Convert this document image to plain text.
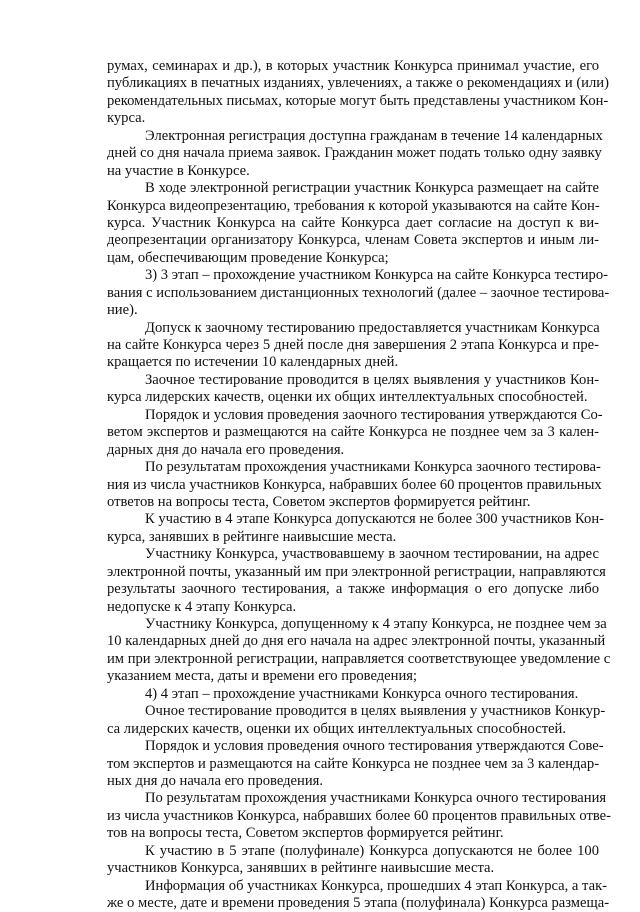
румах, семинарах и др.), в которых участник Конкурса принимал участие, его
публикациях в печатных изданиях, увлечениях, а также о рекомендациях и (или)
рекомендательных письмах, которые могут быть представлены участником Кон-
курса.
Электронная регистрация доступна гражданам в течение 14 календарных
дней со дня начала приема заявок. Гражданин может подать только одну заявку
на участие в Конкурсе.
В ходе электронной регистрации участник Конкурса размещает на сайте
Конкурса видеопрезентацию, требования к которой указываются на сайте Кон-
курса. Участник Конкурса на сайте Конкурса дает согласие на доступ к ви-
деопрезентации организатору Конкурса, членам Совета экспертов и иным ли-
цам, обеспечивающим проведение Конкурса;
3) 3 этап – прохождение участником Конкурса на сайте Конкурса тестиро-
вания с использованием дистанционных технологий (далее – заочное тестирова-
ние).
Допуск к заочному тестированию предоставляется участникам Конкурса
на сайте Конкурса через 5 дней после дня завершения 2 этапа Конкурса и пре-
кращается по истечении 10 календарных дней.
Заочное тестирование проводится в целях выявления у участников Кон-
курса лидерских качеств, оценки их общих интеллектуальных способностей.
Порядок и условия проведения заочного тестирования утверждаются Со-
ветом экспертов и размещаются на сайте Конкурса не позднее чем за 3 кален-
дарных дня до начала его проведения.
По результатам прохождения участниками Конкурса заочного тестирова-
ния из числа участников Конкурса, набравших более 60 процентов правильных
ответов на вопросы теста, Советом экспертов формируется рейтинг.
К участию в 4 этапе Конкурса допускаются не более 300 участников Кон-
курса, занявших в рейтинге наивысшие места.
Участнику Конкурса, участвовавшему в заочном тестировании, на адрес
электронной почты, указанный им при электронной регистрации, направляются
результаты заочного тестирования, а также информация о его допуске либо
недопуске к 4 этапу Конкурса.
Участнику Конкурса, допущенному к 4 этапу Конкурса, не позднее чем за
10 календарных дней до дня его начала на адрес электронной почты, указанный
им при электронной регистрации, направляется соответствующее уведомление с
указанием места, даты и времени его проведения;
4) 4 этап – прохождение участниками Конкурса очного тестирования.
Очное тестирование проводится в целях выявления у участников Конкур-
са лидерских качеств, оценки их общих интеллектуальных способностей.
Порядок и условия проведения очного тестирования утверждаются Сове-
том экспертов и размещаются на сайте Конкурса не позднее чем за 3 календар-
ных дня до начала его проведения.
По результатам прохождения участниками Конкурса очного тестирования
из числа участников Конкурса, набравших более 60 процентов правильных отве-
тов на вопросы теста, Советом экспертов формируется рейтинг.
К участию в 5 этапе (полуфинале) Конкурса допускаются не более 100
участников Конкурса, занявших в рейтинге наивысшие места.
Информация об участниках Конкурса, прошедших 4 этап Конкурса, а так-
же о месте, дате и времени проведения 5 этапа (полуфинала) Конкурса размеща-
